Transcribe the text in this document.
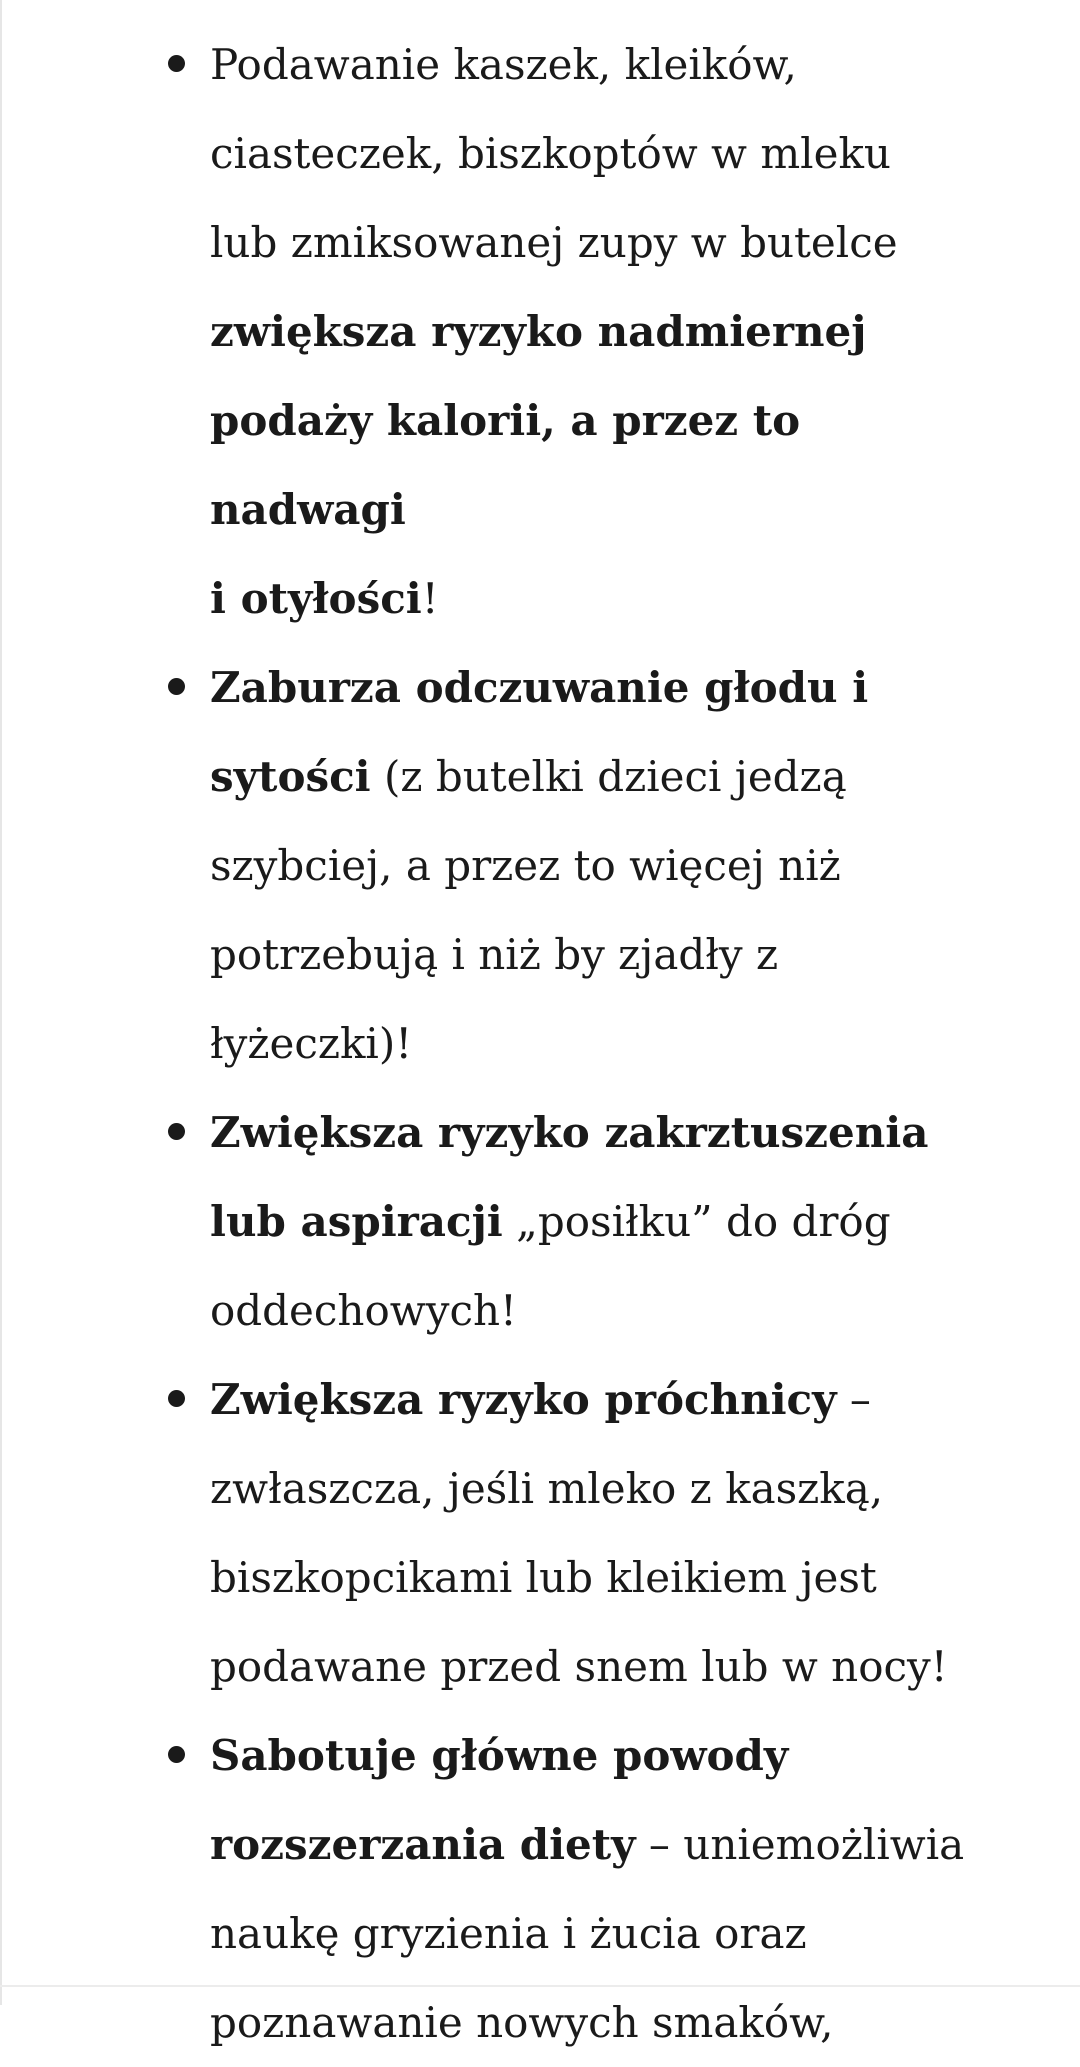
Podawanie kaszek, kleików,
ciasteczek, biszkoptów w mleku
lub zmiksowanej zupy w butelce
zwiększa ryzyko nadmiernej
podaży kalorii, a przez to nadwagi
i otyłości!
Zaburza odczuwanie głodu i
sytości (z butelki dzieci jedzą
szybciej, a przez to więcej niż
potrzebują i niż by zjadły z
łyżeczki)!
Zwiększa ryzyko zakrztuszenia
lub aspiracji „posiłku” do dróg
oddechowych!
Zwiększa ryzyko próchnicy –
zwłaszcza, jeśli mleko z kaszką,
biszkopcikami lub kleikiem jest
podawane przed snem lub w nocy!
Sabotuje główne powody
rozszerzania diety – uniemożliwia
naukę gryzienia i żucia oraz
poznawanie nowych smaków,
